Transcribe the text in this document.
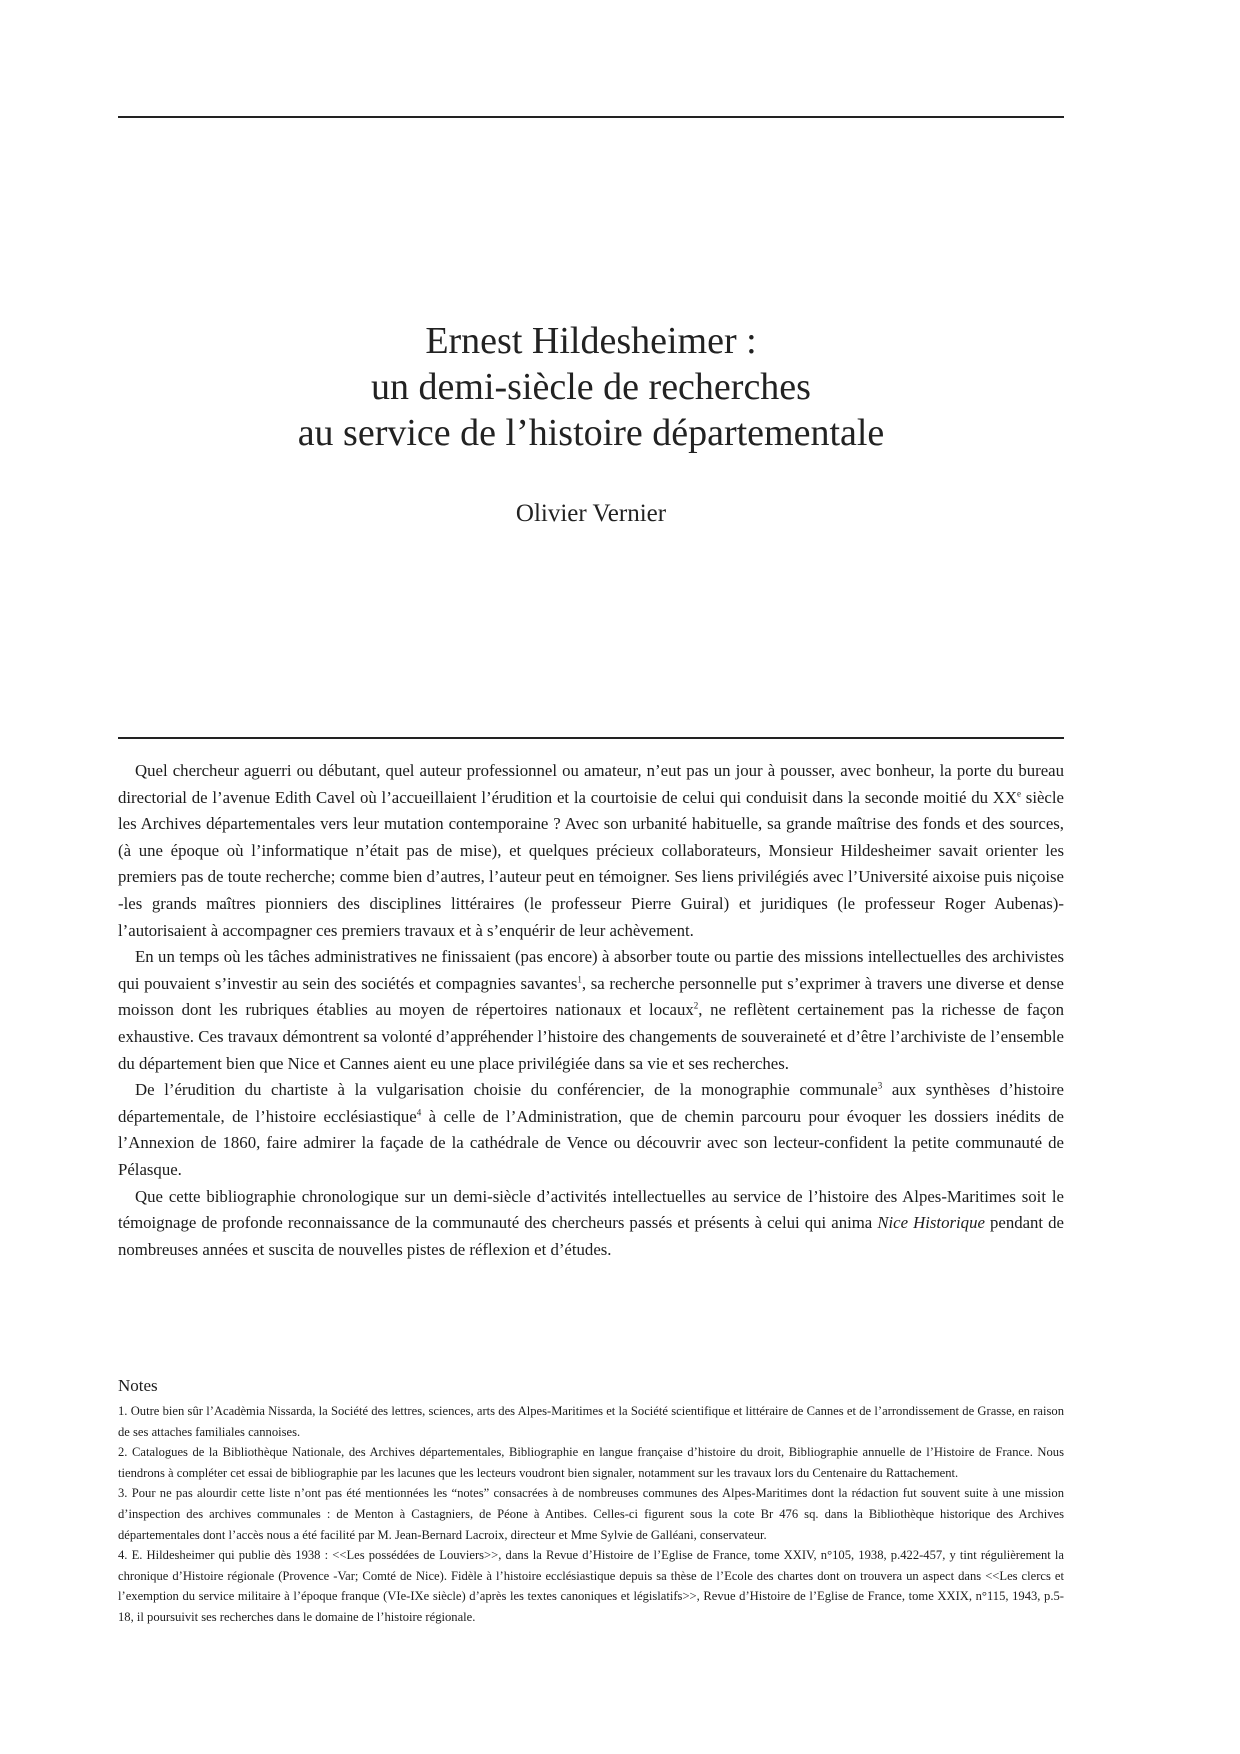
Ernest Hildesheimer :
un demi-siècle de recherches
au service de l’histoire départementale
Olivier Vernier

Quel chercheur aguerri ou débutant, quel auteur professionnel ou amateur, n’eut pas un jour à pousser, avec bonheur, la porte du bureau directorial de l’avenue Edith Cavel où l’accueillaient l’érudition et la courtoisie de celui qui conduisit dans la seconde moitié du XXe siècle les Archives départementales vers leur mutation contemporaine ? Avec son urbanité habituelle, sa grande maîtrise des fonds et des sources, (à une époque où l’informatique n’était pas de mise), et quelques précieux collaborateurs, Monsieur Hildesheimer savait orienter les premiers pas de toute recherche; comme bien d’autres, l’auteur peut en témoigner. Ses liens privilégiés avec l’Université aixoise puis niçoise -les grands maîtres pionniers des disciplines littéraires (le professeur Pierre Guiral) et juridiques (le professeur Roger Aubenas)- l’autorisaient à accompagner ces premiers travaux et à s’enquérir de leur achèvement.

En un temps où les tâches administratives ne finissaient (pas encore) à absorber toute ou partie des missions intellectuelles des archivistes qui pouvaient s’investir au sein des sociétés et compagnies savantes$^1$, sa recherche personnelle put s’exprimer à travers une diverse et dense moisson dont les rubriques établies au moyen de répertoires nationaux et locaux$^2$, ne reflètent certainement pas la richesse de façon exhaustive. Ces travaux démontrent sa volonté d’appréhender l’histoire des changements de souveraineté et d’être l’archiviste de l’ensemble du département bien que Nice et Cannes aient eu une place privilégiée dans sa vie et ses recherches.

De l’érudition du chartiste à la vulgarisation choisie du conférencier, de la monographie communale$^3$ aux synthèses d’histoire départementale, de l’histoire ecclésiastique$^4$ à celle de l’Administration, que de chemin parcouru pour évoquer les dossiers inédits de l’Annexion de 1860, faire admirer la façade de la cathédrale de Vence ou découvrir avec son lecteur-confident la petite communauté de Pélasque.

Que cette bibliographie chronologique sur un demi-siècle d’activités intellectuelles au service de l’histoire des Alpes-Maritimes soit le témoignage de profonde reconnaissance de la communauté des chercheurs passés et présents à celui qui anima Nice Historique pendant de nombreuses années et suscita de nouvelles pistes de réflexion et d’études.

Notes

1. Outre bien sûr l’Acadèmia Nissarda, la Société des lettres, sciences, arts des Alpes-Maritimes et la Société scientifique et littéraire de Cannes et de l’arrondissement de Grasse, en raison de ses attaches familiales cannoises.

2. Catalogues de la Bibliothèque Nationale, des Archives départementales, Bibliographie en langue française d’histoire du droit, Bibliographie annuelle de l’Histoire de France. Nous tiendrons à compléter cet essai de bibliographie par les lacunes que les lecteurs voudront bien signaler, notamment sur les travaux lors du Centenaire du Rattachement.

3. Pour ne pas alourdir cette liste n’ont pas été mentionnées les “notes” consacrées à de nombreuses communes des Alpes-Maritimes dont la rédaction fut souvent suite à une mission d’inspection des archives communales : de Menton à Castagniers, de Péone à Antibes. Celles-ci figurent sous la cote Br 476 sq. dans la Bibliothèque historique des Archives départementales dont l’accès nous a été facilité par M. Jean-Bernard Lacroix, directeur et Mme Sylvie de Galléani, conservateur.

4. E. Hildesheimer qui publie dès 1938 : <<Les possédées de Louviers>>, dans la Revue d’Histoire de l’Eglise de France, tome XXIV, n°105, 1938, p.422-457, y tint régulièrement la chronique d’Histoire régionale (Provence -Var; Comté de Nice). Fidèle à l’histoire ecclésiastique depuis sa thèse de l’Ecole des chartes dont on trouvera un aspect dans <<Les clercs et l’exemption du service militaire à l’époque franque (VIe-IXe siècle) d’après les textes canoniques et législatifs>>, Revue d’Histoire de l’Eglise de France, tome XXIX, n°115, 1943, p.5-18, il poursuivit ses recherches dans le domaine de l’histoire régionale.
